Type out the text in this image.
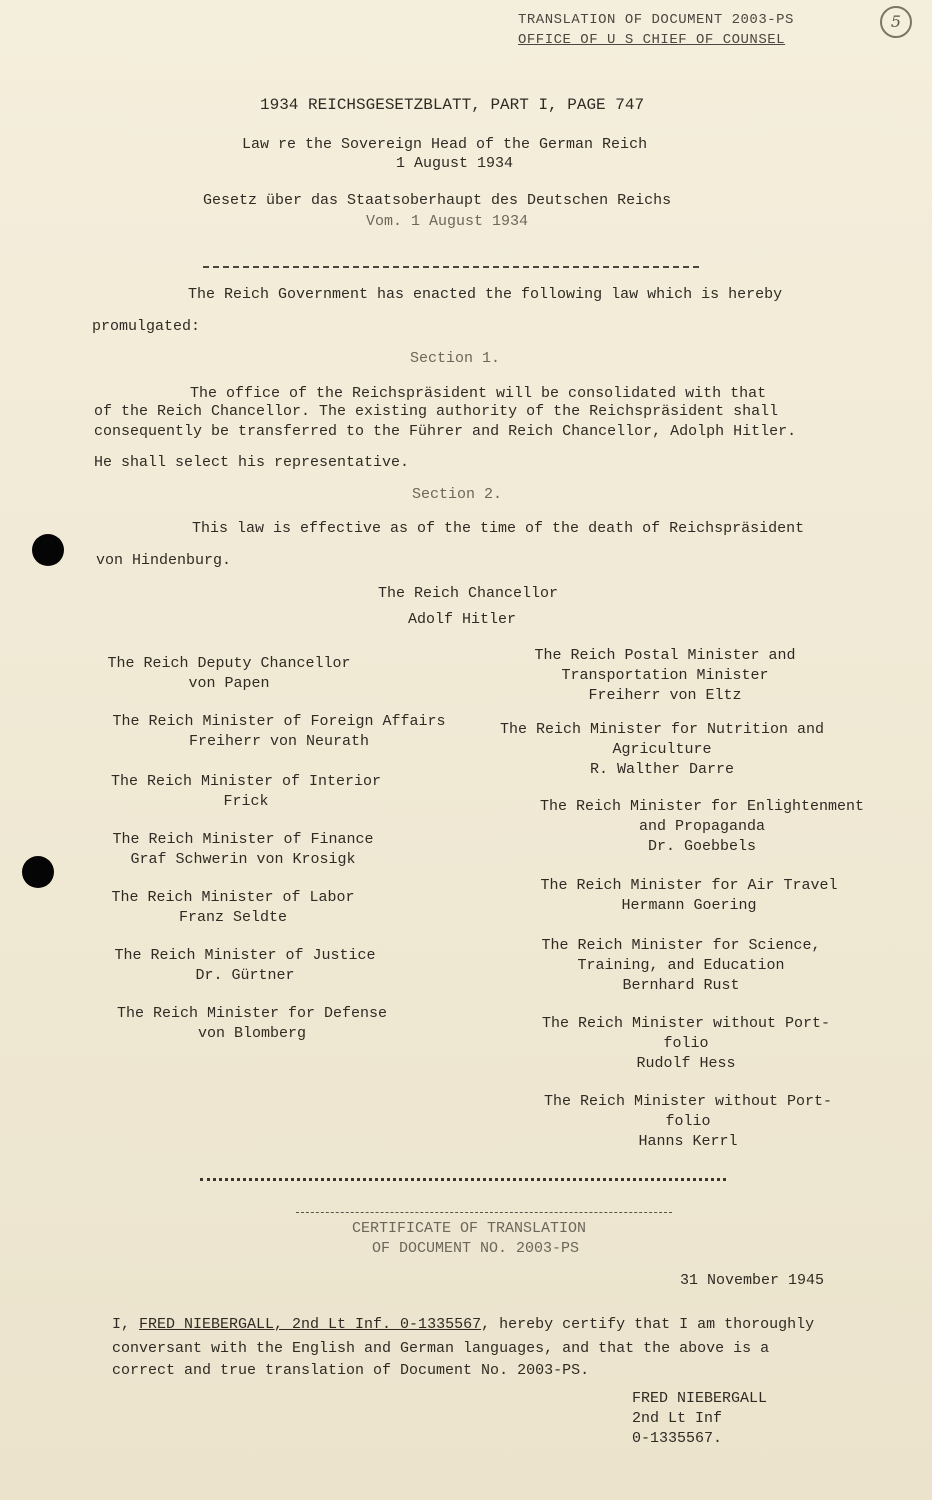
TRANSLATION OF DOCUMENT 2003-PS
OFFICE OF U S CHIEF OF COUNSEL
5
1934 REICHSGESETZBLATT, PART I, PAGE 747
Law re the Sovereign Head of the German Reich
1 August 1934
Gesetz über das Staatsoberhaupt des Deutschen Reichs
Vom. 1 August 1934
The Reich Government has enacted the following law which is hereby
promulgated:
Section 1.
The office of the Reichspräsident will be consolidated with that
of the Reich Chancellor. The existing authority of the Reichspräsident shall
consequently be transferred to the Führer and Reich Chancellor, Adolph Hitler.
He shall select his representative.
Section 2.
This law is effective as of the time of the death of Reichspräsident
von Hindenburg.
The Reich Chancellor
Adolf Hitler
The Reich Deputy Chancellor
von Papen
The Reich Minister of Foreign Affairs
Freiherr von Neurath
The Reich Minister of Interior
Frick
The Reich Minister of Finance
Graf Schwerin von Krosigk
The Reich Minister of Labor
Franz Seldte
The Reich Minister of Justice
Dr. Gürtner
The Reich Minister for Defense
von Blomberg
The Reich Postal Minister and
Transportation Minister
Freiherr von Eltz
The Reich Minister for Nutrition and
Agriculture
R. Walther Darre
The Reich Minister for Enlightenment
and Propaganda
Dr. Goebbels
The Reich Minister for Air Travel
Hermann Goering
The Reich Minister for Science,
Training, and Education
Bernhard Rust
The Reich Minister without Port-
folio
Rudolf Hess
The Reich Minister without Port-
folio
Hanns Kerrl
CERTIFICATE OF TRANSLATION
OF DOCUMENT NO. 2003-PS
31 November 1945
I, FRED NIEBERGALL, 2nd Lt Inf. 0-1335567, hereby certify that I am thoroughly
conversant with the English and German languages, and that the above is a
correct and true translation of Document No. 2003-PS.
FRED NIEBERGALL
2nd Lt Inf
0-1335567.
